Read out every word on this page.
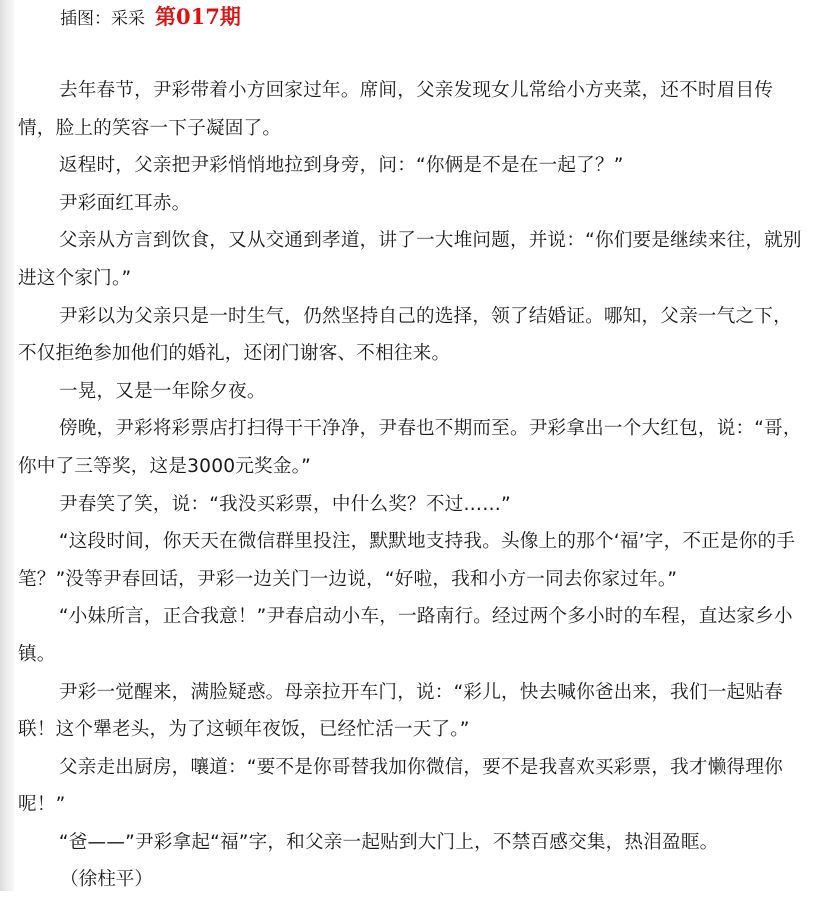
插图：采采 第017期

去年春节，尹彩带着小方回家过年。席间，父亲发现女儿常给小方夹菜，还不时眉目传情，脸上的笑容一下子凝固了。

返程时，父亲把尹彩悄悄地拉到身旁，问：“你俩是不是在一起了？”

尹彩面红耳赤。

父亲从方言到饮食，又从交通到孝道，讲了一大堆问题，并说：“你们要是继续来往，就别进这个家门。”

尹彩以为父亲只是一时生气，仍然坚持自己的选择，领了结婚证。哪知，父亲一气之下，不仅拒绝参加他们的婚礼，还闭门谢客、不相往来。

一晃，又是一年除夕夜。

傍晚，尹彩将彩票店打扫得干干净净，尹春也不期而至。尹彩拿出一个大红包，说：“哥，你中了三等奖，这是3000元奖金。”

尹春笑了笑，说：“我没买彩票，中什么奖？不过……”

“这段时间，你天天在微信群里投注，默默地支持我。头像上的那个‘福’字，不正是你的手笔？”没等尹春回话，尹彩一边关门一边说，“好啦，我和小方一同去你家过年。”

“小妹所言，正合我意！”尹春启动小车，一路南行。经过两个多小时的车程，直达家乡小镇。

尹彩一觉醒来，满脸疑惑。母亲拉开车门，说：“彩儿，快去喊你爸出来，我们一起贴春联！这个犟老头，为了这顿年夜饭，已经忙活一天了。”

父亲走出厨房，嚷道：“要不是你哥替我加你微信，要不是我喜欢买彩票，我才懒得理你呢！”

“爸——”尹彩拿起“福”字，和父亲一起贴到大门上，不禁百感交集，热泪盈眶。

（徐柱平）
